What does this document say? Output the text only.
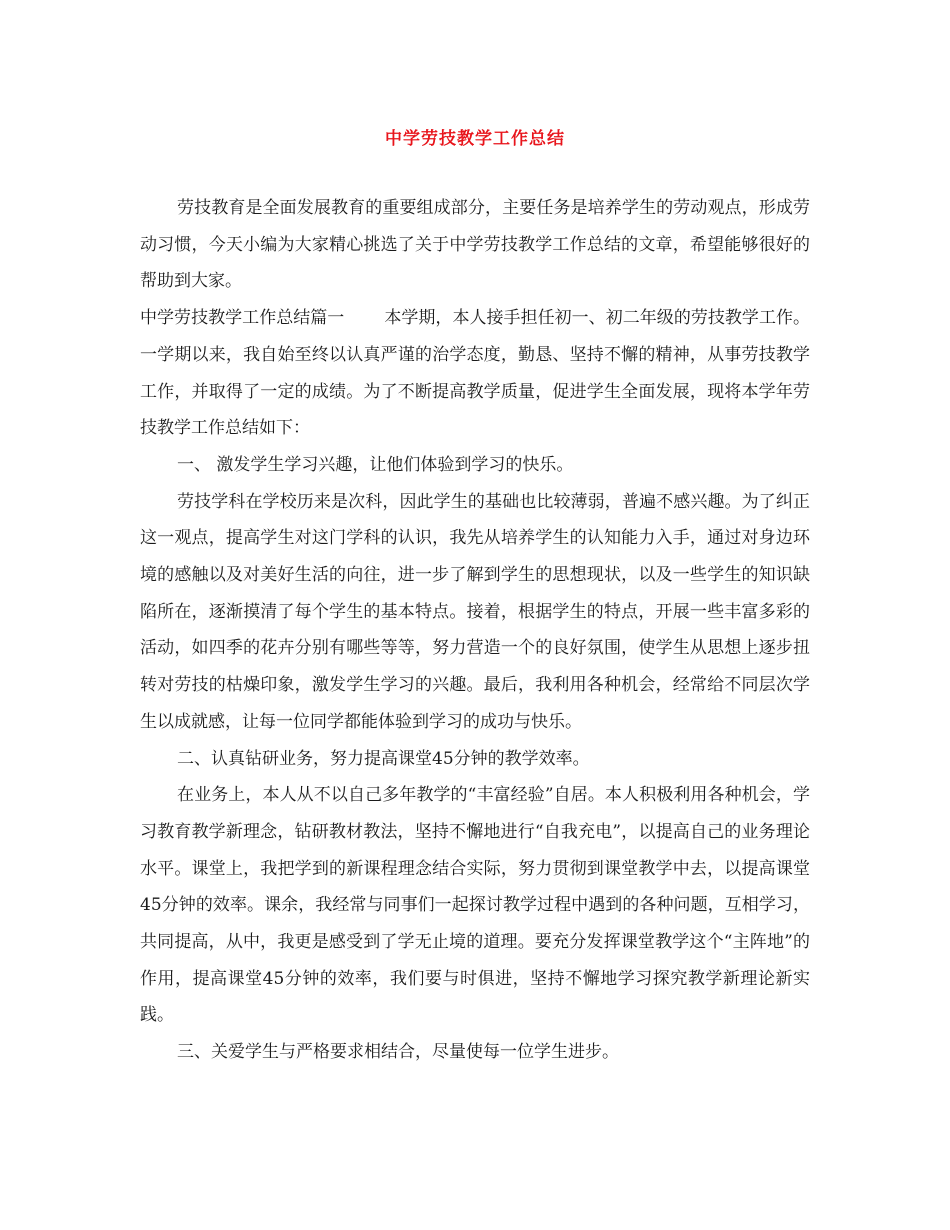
中学劳技教学工作总结

劳技教育是全面发展教育的重要组成部分，主要任务是培养学生的劳动观点，形成劳动习惯，今天小编为大家精心挑选了关于中学劳技教学工作总结的文章，希望能够很好的帮助到大家。

中学劳技教学工作总结篇一 本学期，本人接手担任初一、初二年级的劳技教学工作。一学期以来，我自始至终以认真严谨的治学态度，勤恳、坚持不懈的精神，从事劳技教学工作，并取得了一定的成绩。为了不断提高教学质量，促进学生全面发展，现将本学年劳技教学工作总结如下：

一、 激发学生学习兴趣，让他们体验到学习的快乐。

劳技学科在学校历来是次科，因此学生的基础也比较薄弱，普遍不感兴趣。为了纠正这一观点，提高学生对这门学科的认识，我先从培养学生的认知能力入手，通过对身边环境的感触以及对美好生活的向往，进一步了解到学生的思想现状，以及一些学生的知识缺陷所在，逐渐摸清了每个学生的基本特点。接着，根据学生的特点，开展一些丰富多彩的活动，如四季的花卉分别有哪些等等，努力营造一个的良好氛围，使学生从思想上逐步扭转对劳技的枯燥印象，激发学生学习的兴趣。最后，我利用各种机会，经常给不同层次学生以成就感，让每一位同学都能体验到学习的成功与快乐。

二、认真钻研业务，努力提高课堂45分钟的教学效率。

在业务上，本人从不以自己多年教学的“丰富经验”自居。本人积极利用各种机会，学习教育教学新理念，钻研教材教法，坚持不懈地进行“自我充电”，以提高自己的业务理论水平。课堂上，我把学到的新课程理念结合实际，努力贯彻到课堂教学中去，以提高课堂45分钟的效率。课余，我经常与同事们一起探讨教学过程中遇到的各种问题，互相学习，共同提高，从中，我更是感受到了学无止境的道理。要充分发挥课堂教学这个“主阵地”的作用，提高课堂45分钟的效率，我们要与时俱进，坚持不懈地学习探究教学新理论新实践。

三、关爱学生与严格要求相结合，尽量使每一位学生进步。
